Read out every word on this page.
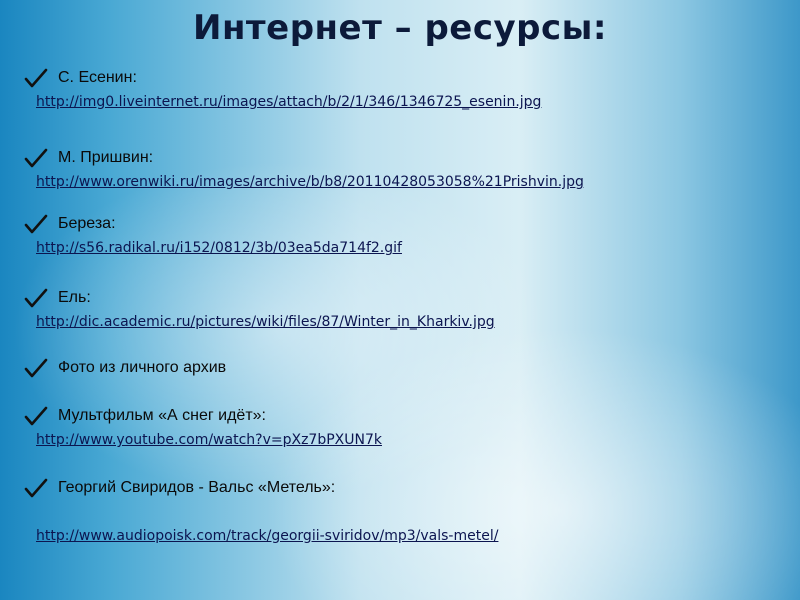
Интернет – ресурсы:
С. Есенин:
http://img0.liveinternet.ru/images/attach/b/2/1/346/1346725_esenin.jpg
М. Пришвин:
http://www.orenwiki.ru/images/archive/b/b8/20110428053058%21Prishvin.jpg
Береза:
http://s56.radikal.ru/i152/0812/3b/03ea5da714f2.gif
Ель:
http://dic.academic.ru/pictures/wiki/files/87/Winter_in_Kharkiv.jpg
Фото из личного архив
Мультфильм «А снег идёт»:
http://www.youtube.com/watch?v=pXz7bPXUN7k
Георгий Свиридов - Вальс «Метель»:
http://www.audiopoisk.com/track/georgii-sviridov/mp3/vals-metel/
